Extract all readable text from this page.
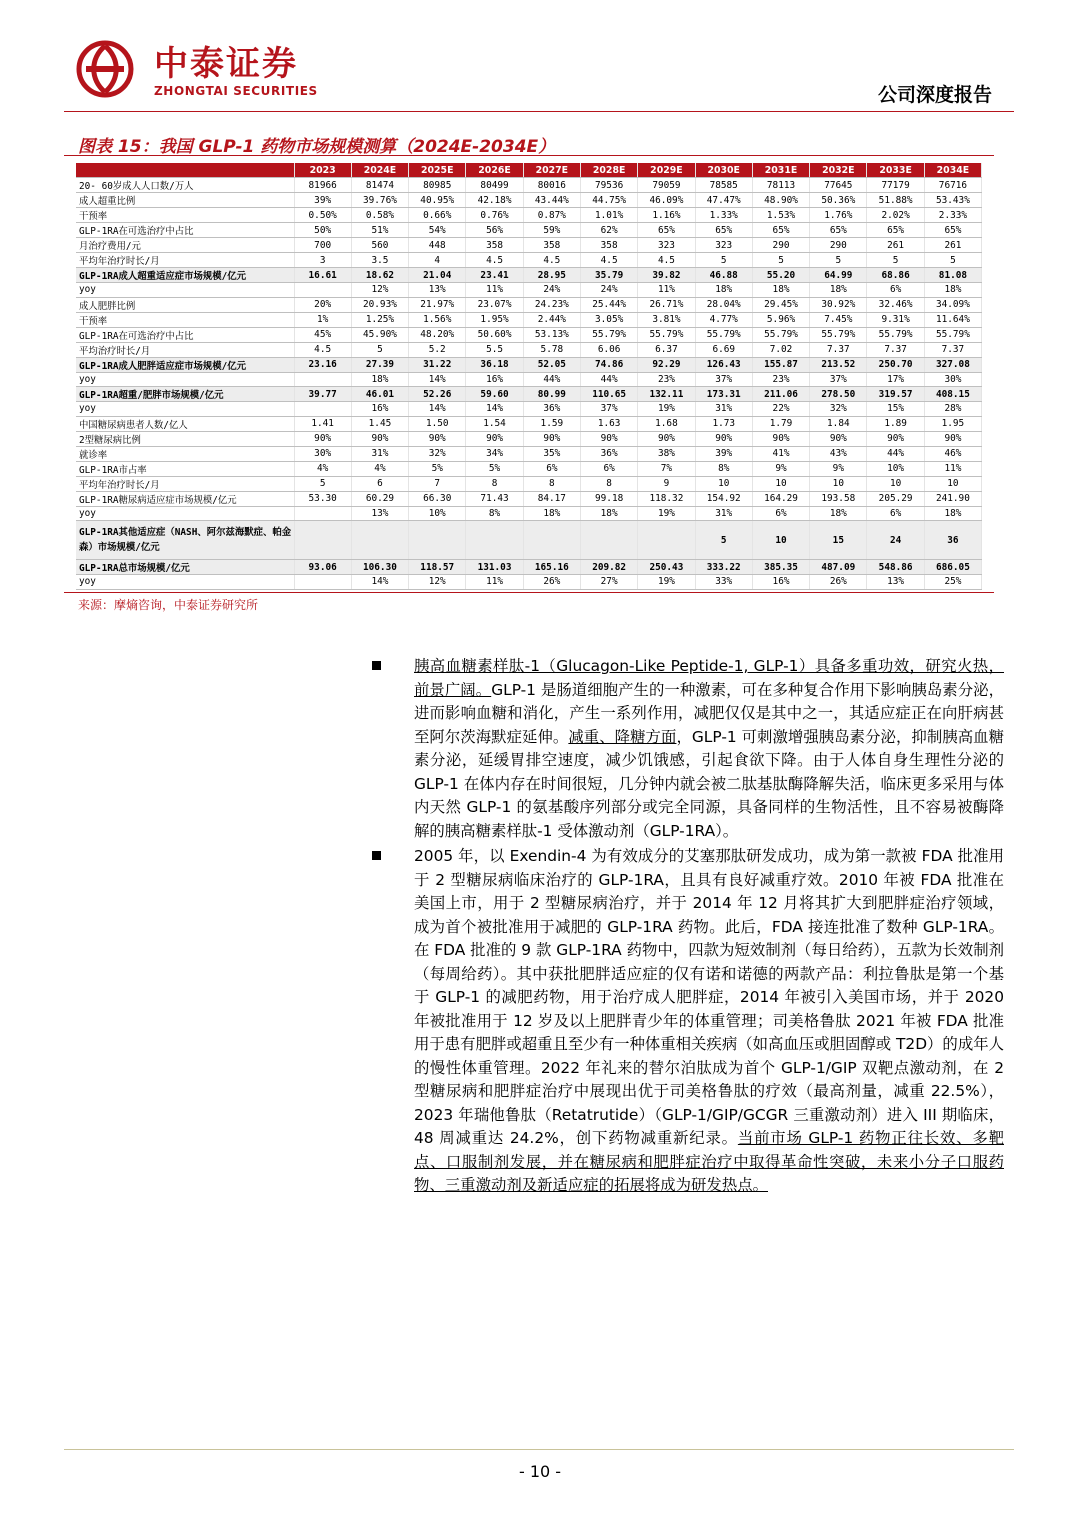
中泰证券
ZHONGTAI SECURITIES	公司深度报告
图表 15：我国 GLP-1 药物市场规模测算（2024E-2034E）
	2023	2024E	2025E	2026E	2027E	2028E	2029E	2030E	2031E	2032E	2033E	2034E
20- 60岁成人人口数/万人	81966	81474	80985	80499	80016	79536	79059	78585	78113	77645	77179	76716
成人超重比例	39%	39.76%	40.95%	42.18%	43.44%	44.75%	46.09%	47.47%	48.90%	50.36%	51.88%	53.43%
干预率	0.50%	0.58%	0.66%	0.76%	0.87%	1.01%	1.16%	1.33%	1.53%	1.76%	2.02%	2.33%
GLP-1RA在可选治疗中占比	50%	51%	54%	56%	59%	62%	65%	65%	65%	65%	65%	65%
月治疗费用/元	700	560	448	358	358	358	323	323	290	290	261	261
平均年治疗时长/月	3	3.5	4	4.5	4.5	4.5	4.5	5	5	5	5	5
GLP-1RA成人超重适应症市场规模/亿元	16.61	18.62	21.04	23.41	28.95	35.79	39.82	46.88	55.20	64.99	68.86	81.08
yoy		12%	13%	11%	24%	24%	11%	18%	18%	18%	6%	18%
成人肥胖比例	20%	20.93%	21.97%	23.07%	24.23%	25.44%	26.71%	28.04%	29.45%	30.92%	32.46%	34.09%
干预率	1%	1.25%	1.56%	1.95%	2.44%	3.05%	3.81%	4.77%	5.96%	7.45%	9.31%	11.64%
GLP-1RA在可选治疗中占比	45%	45.90%	48.20%	50.60%	53.13%	55.79%	55.79%	55.79%	55.79%	55.79%	55.79%	55.79%
平均治疗时长/月	4.5	5	5.2	5.5	5.78	6.06	6.37	6.69	7.02	7.37	7.37	7.37
GLP-1RA成人肥胖适应症市场规模/亿元	23.16	27.39	31.22	36.18	52.05	74.86	92.29	126.43	155.87	213.52	250.70	327.08
yoy		18%	14%	16%	44%	44%	23%	37%	23%	37%	17%	30%
GLP-1RA超重/肥胖市场规模/亿元	39.77	46.01	52.26	59.60	80.99	110.65	132.11	173.31	211.06	278.50	319.57	408.15
yoy		16%	14%	14%	36%	37%	19%	31%	22%	32%	15%	28%
中国糖尿病患者人数/亿人	1.41	1.45	1.50	1.54	1.59	1.63	1.68	1.73	1.79	1.84	1.89	1.95
2型糖尿病比例	90%	90%	90%	90%	90%	90%	90%	90%	90%	90%	90%	90%
就诊率	30%	31%	32%	34%	35%	36%	38%	39%	41%	43%	44%	46%
GLP-1RA市占率	4%	4%	5%	5%	6%	6%	7%	8%	9%	9%	10%	11%
平均年治疗时长/月	5	6	7	8	8	8	9	10	10	10	10	10
GLP-1RA糖尿病适应症市场规模/亿元	53.30	60.29	66.30	71.43	84.17	99.18	118.32	154.92	164.29	193.58	205.29	241.90
yoy		13%	10%	8%	18%	18%	19%	31%	6%	18%	6%	18%
GLP-1RA其他适应症（NASH、阿尔兹海默症、帕金森）市场规模/亿元								5	10	15	24	36
GLP-1RA总市场规模/亿元	93.06	106.30	118.57	131.03	165.16	209.82	250.43	333.22	385.35	487.09	548.86	686.05
yoy		14%	12%	11%	26%	27%	19%	33%	16%	26%	13%	25%
来源：摩熵咨询，中泰证券研究所

胰高血糖素样肽-1（Glucagon-Like Peptide-1, GLP-1）具备多重功效，研究火热，前景广阔。GLP-1 是肠道细胞产生的一种激素，可在多种复合作用下影响胰岛素分泌，进而影响血糖和消化，产生一系列作用，减肥仅仅是其中之一，其适应症正在向肝病甚至阿尔茨海默症延伸。减重、降糖方面，GLP-1 可刺激增强胰岛素分泌，抑制胰高血糖素分泌，延缓胃排空速度，减少饥饿感，引起食欲下降。由于人体自身生理性分泌的 GLP-1 在体内存在时间很短，几分钟内就会被二肽基肽酶降解失活，临床更多采用与体内天然 GLP-1 的氨基酸序列部分或完全同源，具备同样的生物活性，且不容易被酶降解的胰高糖素样肽-1 受体激动剂（GLP-1RA）。

2005 年，以 Exendin-4 为有效成分的艾塞那肽研发成功，成为第一款被 FDA 批准用于 2 型糖尿病临床治疗的 GLP-1RA，且具有良好减重疗效。2010 年被 FDA 批准在美国上市，用于 2 型糖尿病治疗，并于 2014 年 12 月将其扩大到肥胖症治疗领域，成为首个被批准用于减肥的 GLP-1RA 药物。此后，FDA 接连批准了数种 GLP-1RA。在 FDA 批准的 9 款 GLP-1RA 药物中，四款为短效制剂（每日给药），五款为长效制剂（每周给药）。其中获批肥胖适应症的仅有诺和诺德的两款产品：利拉鲁肽是第一个基于 GLP-1 的减肥药物，用于治疗成人肥胖症，2014 年被引入美国市场，并于 2020 年被批准用于 12 岁及以上肥胖青少年的体重管理；司美格鲁肽 2021 年被 FDA 批准用于患有肥胖或超重且至少有一种体重相关疾病（如高血压或胆固醇或 T2D）的成年人的慢性体重管理。2022 年礼来的替尔泊肽成为首个 GLP-1/GIP 双靶点激动剂，在 2 型糖尿病和肥胖症治疗中展现出优于司美格鲁肽的疗效（最高剂量，减重 22.5%），2023 年瑞他鲁肽（Retatrutide）（GLP-1/GIP/GCGR 三重激动剂）进入 III 期临床，48 周减重达 24.2%，创下药物减重新纪录。当前市场 GLP-1 药物正往长效、多靶点、口服制剂发展，并在糖尿病和肥胖症治疗中取得革命性突破，未来小分子口服药物、三重激动剂及新适应症的拓展将成为研发热点。

- 10 -
